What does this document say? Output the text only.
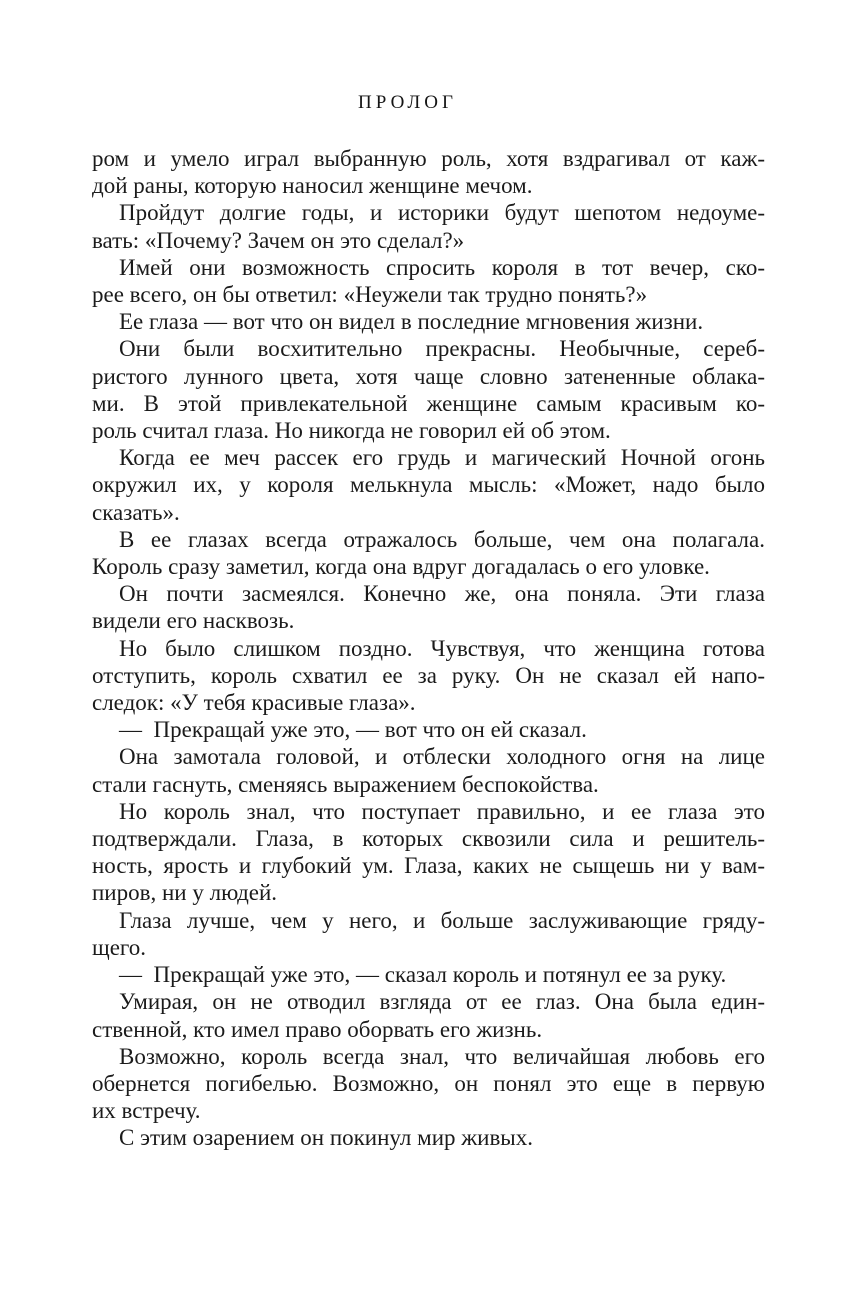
ПРОЛОГ

ром и умело играл выбранную роль, хотя вздрагивал от каж-
дой раны, которую наносил женщине мечом.

Пройдут долгие годы, и историки будут шепотом недоуме-
вать: «Почему? Зачем он это сделал?»

Имей они возможность спросить короля в тот вечер, ско-
рее всего, он бы ответил: «Неужели так трудно понять?»

Ее глаза — вот что он видел в последние мгновения жизни.

Они были восхитительно прекрасны. Необычные, сереб-
ристого лунного цвета, хотя чаще словно затененные облака-
ми. В этой привлекательной женщине самым красивым ко-
роль считал глаза. Но никогда не говорил ей об этом.

Когда ее меч рассек его грудь и магический Ночной огонь
окружил их, у короля мелькнула мысль: «Может, надо было
сказать».

В ее глазах всегда отражалось больше, чем она полагала.
Король сразу заметил, когда она вдруг догадалась о его уловке.

Он почти засмеялся. Конечно же, она поняла. Эти глаза
видели его насквозь.

Но было слишком поздно. Чувствуя, что женщина готова
отступить, король схватил ее за руку. Он не сказал ей напо-
следок: «У тебя красивые глаза».

— Прекращай уже это, — вот что он ей сказал.

Она замотала головой, и отблески холодного огня на лице
стали гаснуть, сменяясь выражением беспокойства.

Но король знал, что поступает правильно, и ее глаза это
подтверждали. Глаза, в которых сквозили сила и решитель-
ность, ярость и глубокий ум. Глаза, каких не сыщешь ни у вам-
пиров, ни у людей.

Глаза лучше, чем у него, и больше заслуживающие гряду-
щего.

— Прекращай уже это, — сказал король и потянул ее за руку.

Умирая, он не отводил взгляда от ее глаз. Она была един-
ственной, кто имел право оборвать его жизнь.

Возможно, король всегда знал, что величайшая любовь его
обернется погибелью. Возможно, он понял это еще в первую
их встречу.

С этим озарением он покинул мир живых.
